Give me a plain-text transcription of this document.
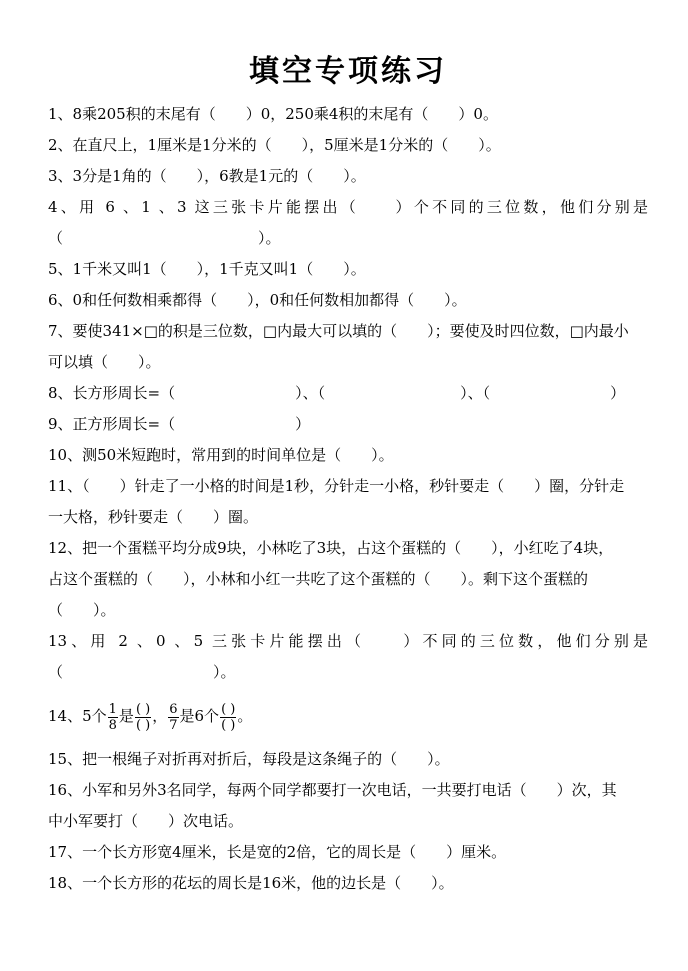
填空专项练习
1、8乘205积的末尾有（　　）0，250乘4积的末尾有（　　）0。
2、在直尺上，1厘米是1分米的（　　），5厘米是1分米的（　　）。
3、3分是1角的（　　），6教是1元的（　　）。
4、用 6 、1 、3 这三张卡片能摆出（　　）个不同的三位数，他们分别是
（　　　　　　　　　　　　　）。
5、1千米又叫1（　　），1千克又叫1（　　）。
6、0和任何数相乘都得（　　），0和任何数相加都得（　　）。
7、要使341×□的积是三位数，□内最大可以填的（　　）；要使及时四位数，□内最小
可以填（　　）。
8、长方形周长=（　　　　　　　　）、（　　　　　　　　　）、（　　　　　　　　）
9、正方形周长=（　　　　　　　　）
10、测50米短跑时，常用到的时间单位是（　　）。
11、（　　）针走了一小格的时间是1秒，分针走一小格，秒针要走（　　）圈，分针走
一大格，秒针要走（　　）圈。
12、把一个蛋糕平均分成9块，小林吃了3块，占这个蛋糕的（　　），小红吃了4块，
占这个蛋糕的（　　），小林和小红一共吃了这个蛋糕的（　　）。剩下这个蛋糕的
（　　）。
13、用 2 、0 、5 三张卡片能摆出（　　）不同的三位数，他们分别是
（　　　　　　　　　　）。
14、5个 $\frac{1}{8}$ 是 $\frac{( )}{( )}$ ， $\frac{6}{7}$ 是6个 $\frac{( )}{( )}$ 。
15、把一根绳子对折再对折后，每段是这条绳子的（　　）。
16、小军和另外3名同学，每两个同学都要打一次电话，一共要打电话（　　）次，其
中小军要打（　　）次电话。
17、一个长方形宽4厘米，长是宽的2倍，它的周长是（　　）厘米。
18、一个长方形的花坛的周长是16米，他的边长是（　　）。
